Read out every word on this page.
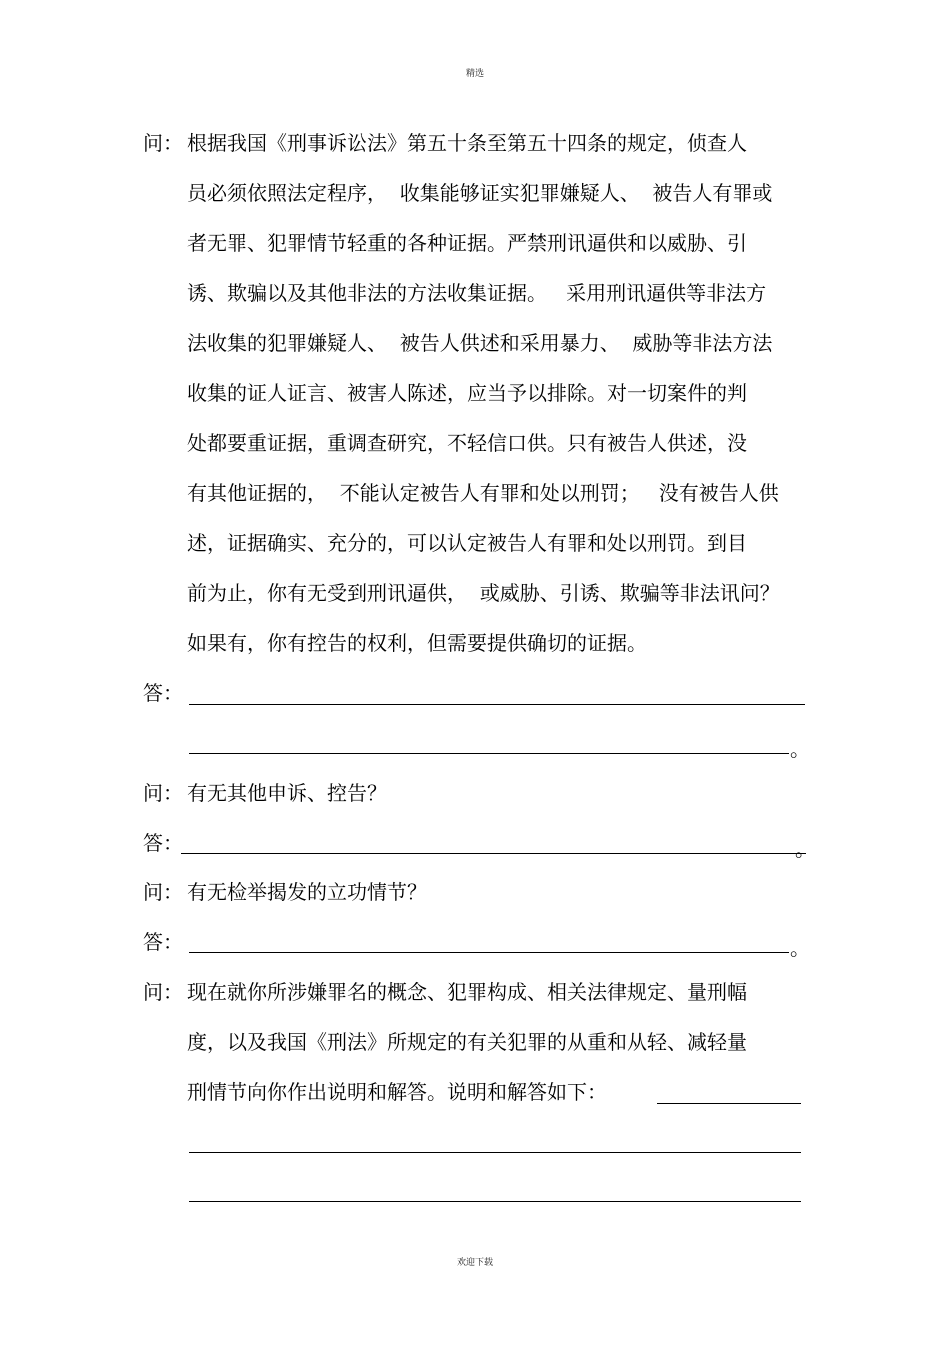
精选
问： 根据我国《刑事诉讼法》第五十条至第五十四条的规定，侦查人
员必须依照法定程序，  收集能够证实犯罪嫌疑人、  被告人有罪或
者无罪、犯罪情节轻重的各种证据。严禁刑讯逼供和以威胁、引
诱、欺骗以及其他非法的方法收集证据。   采用刑讯逼供等非法方
法收集的犯罪嫌疑人、  被告人供述和采用暴力、  威胁等非法方法
收集的证人证言、被害人陈述，应当予以排除。对一切案件的判
处都要重证据，重调查研究，不轻信口供。只有被告人供述，没
有其他证据的，  不能认定被告人有罪和处以刑罚；   没有被告人供
述，证据确实、充分的，可以认定被告人有罪和处以刑罚。到目
前为止，你有无受到刑讯逼供，  或威胁、引诱、欺骗等非法讯问？
如果有，你有控告的权利，但需要提供确切的证据。
答：
。
问： 有无其他申诉、控告？
答：	。
问： 有无检举揭发的立功情节？
答：	。
问： 现在就你所涉嫌罪名的概念、犯罪构成、相关法律规定、量刑幅
度，以及我国《刑法》所规定的有关犯罪的从重和从轻、减轻量
刑情节向你作出说明和解答。说明和解答如下：
欢迎下载
